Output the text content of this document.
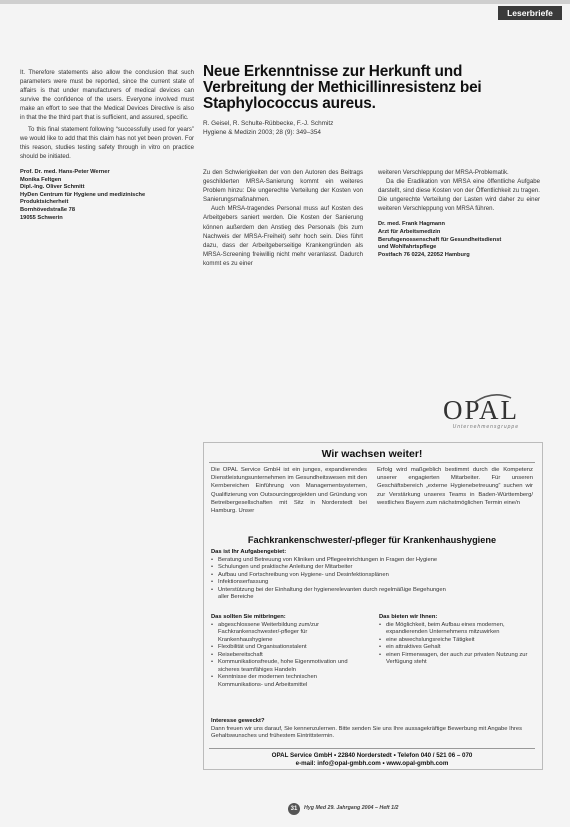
Leserbriefe

It. Therefore statements also allow the conclusion that such parameters were must be reported, since the current state of affairs is that under manufacturers of medical devices can survive the confidence of the users. Everyone involved must make an effort to see that the Medical Devices Directive is also in that the the third part that is sufficient, and assured, specific.

To this final statement following “successfully used for years” we would like to add that this claim has not yet been proven. For this reason, studies testing safety through in vitro on practice should be initiated.

Prof. Dr. med. Hans-Peter Werner
Monika Feltgen
Dipl.-Ing. Oliver Schmitt
HyDen Centrum für Hygiene und medizinische
Produktsicherheit
Bornhövedstraße 78
19055 Schwerin
Neue Erkenntnisse zur Herkunft und Verbreitung der Methicillinresistenz bei Staphylococcus aureus.
R. Geisel, R. Schulte-Rübbecke, F.-J. Schmitz
Hygiene & Medizin 2003; 28 (9): 349–354

Zu den Schwierigkeiten der von den Autoren des Beitrags geschilderten MRSA-Sanierung kommt ein weiteres Problem hinzu: Die ungerechte Verteilung der Kosten von Sanierungsmaßnahmen.

Auch MRSA-tragendes Personal muss auf Kosten des Arbeitgebers saniert werden. Die Kosten der Sanierung können außerdem den Anstieg des Personals (bis zum Nachweis der MRSA-Freiheit) sehr hoch sein. Dies führt dazu, dass der Arbeitgeberseitige Krankengründen als MRSA-Screening freiwillig nicht mehr veranlasst. Dadurch kommt es zu einer

weiteren Verschleppung der MRSA-Problematik.

Da die Eradikation von MRSA eine öffentliche Aufgabe darstellt, sind diese Kosten von der Öffentlichkeit zu tragen. Die ungerechte Verteilung der Lasten wird daher zu einer weiteren Verschleppung von MRSA führen.

Dr. med. Frank Hagmann
Arzt für Arbeitsmedizin
Berufsgenossenschaft für Gesundheitsdienst
und Wohlfahrtspflege
Postfach 76 0224, 22052 Hamburg
OPAL
Unternehmensgruppe
Wir wachsen weiter!
Die OPAL Service GmbH ist ein junges, expandierendes Dienstleistungsunternehmen im Gesundheitswesen mit den Kernbereichen Einführung von Managementsystemen, Qualifizierung von Outsourcingprojekten und Gründung von Betreibergesellschaften mit Sitz in Norderstedt bei Hamburg. Unser
Erfolg wird maßgeblich bestimmt durch die Kompetenz unserer engagierten Mitarbeiter. Für unseren Geschäftsbereich „externe Hygienebetreuung“ suchen wir zur Verstärkung unseres Teams in Baden-Württemberg/ westliches Bayern zum nächstmöglichen Termin eine/n
Fachkrankenschwester/-pfleger für Krankenhaushygiene
Das ist Ihr Aufgabengebiet:
• Beratung und Betreuung von Kliniken und Pflegeeinrichtungen in Fragen der Hygiene
• Schulungen und praktische Anleitung der Mitarbeiter
• Aufbau und Fortschreibung von Hygiene- und Desinfektionsplänen
• Infektionserfassung
• Unterstützung bei der Einhaltung der hygienerelevanten durch regelmäßige Begehungen aller Bereiche
Das sollten Sie mitbringen:
• abgeschlossene Weiterbildung zum/zur Fachkrankenschwester/-pfleger für Krankenhaushygiene
• Flexibilität und Organisationstalent
• Reisebereitschaft
• Kommunikationsfreude, hohe Eigenmotivation und sicheres teamfähiges Handeln
• Kenntnisse der modernen technischen Kommunikations- und Arbeitsmittel
Das bieten wir Ihnen:
• die Möglichkeit, beim Aufbau eines modernen, expandierenden Unternehmens mitzuwirken
• eine abwechslungsreiche Tätigkeit
• ein attraktives Gehalt
• einen Firmenwagen, der auch zur privaten Nutzung zur Verfügung steht
Interesse geweckt?
Dann freuen wir uns darauf, Sie kennenzulernen. Bitte senden Sie uns Ihre aussagekräftige Bewerbung mit Angabe Ihres Gehaltswunsches und frühestem Eintrittstermin.
OPAL Service GmbH • 22840 Norderstedt • Telefon 040 / 521 06 – 070
e-mail: info@opal-gmbh.com • www.opal-gmbh.com
31	Hyg Med 29. Jahrgang 2004 – Heft 1/2
